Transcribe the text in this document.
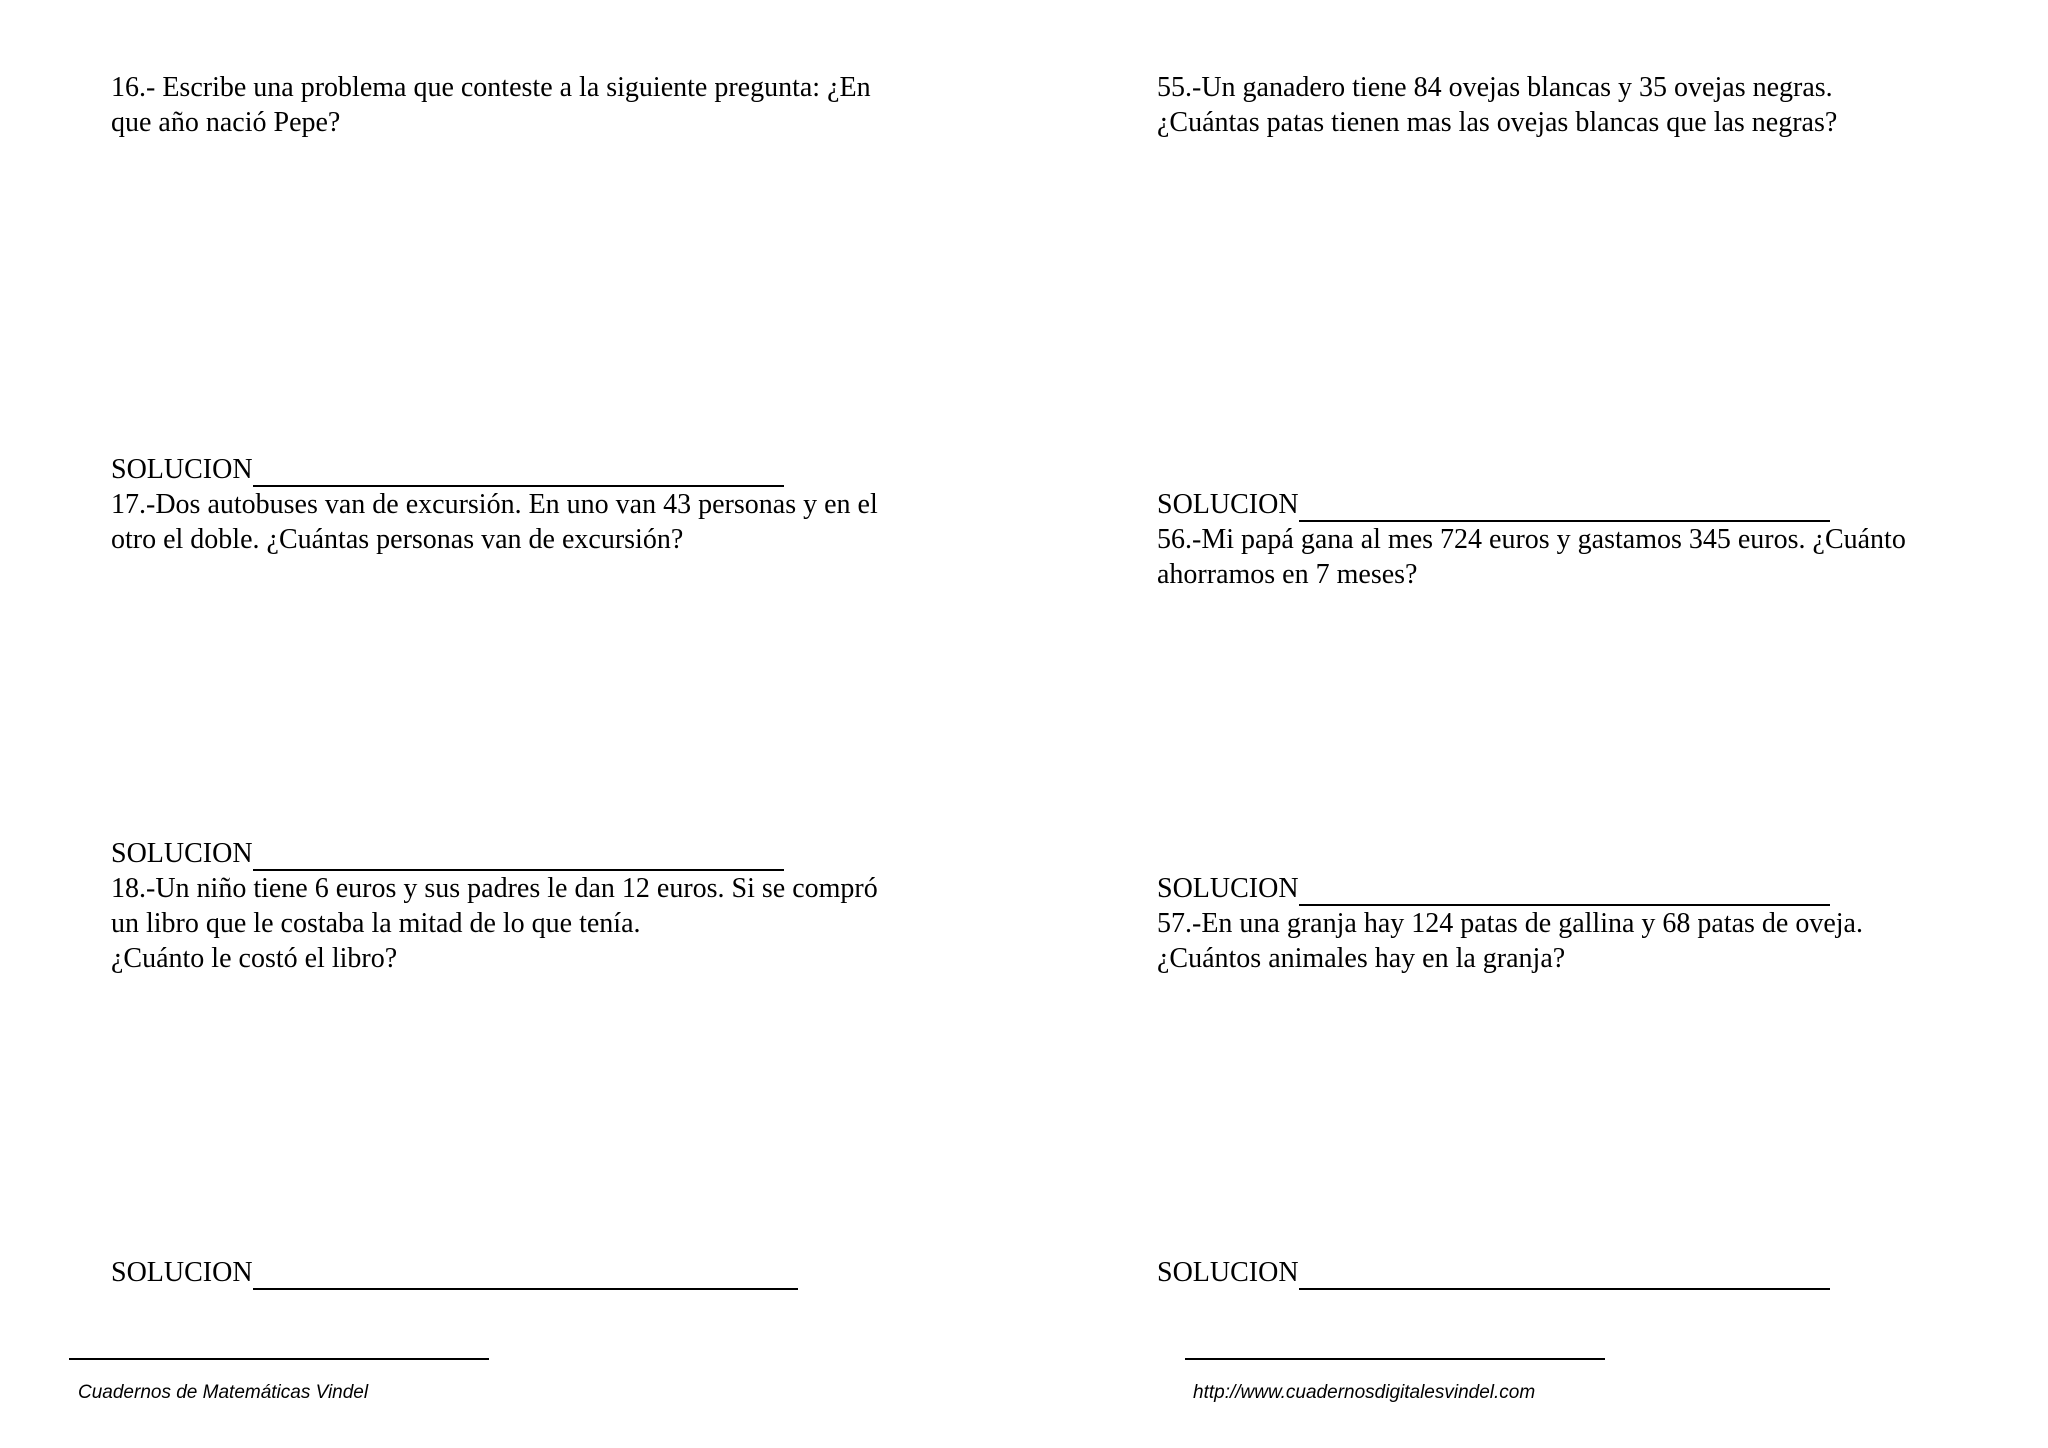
16.- Escribe una problema que conteste a la siguiente pregunta: ¿En
que año nació Pepe?
SOLUCION
17.-Dos autobuses van de excursión. En uno van 43 personas y en el
otro el doble. ¿Cuántas personas van de excursión?
SOLUCION
18.-Un niño tiene 6 euros y sus padres le dan 12 euros. Si se compró
un libro que le costaba la mitad de lo que tenía.
¿Cuánto le costó el libro?
SOLUCION
55.-Un ganadero tiene 84 ovejas blancas y 35 ovejas negras.
¿Cuántas patas tienen mas las ovejas blancas que las negras?
SOLUCION
56.-Mi papá gana al mes 724 euros y gastamos 345 euros. ¿Cuánto
ahorramos en 7 meses?
SOLUCION
57.-En una granja hay 124 patas de gallina y 68 patas de oveja.
¿Cuántos animales hay en la granja?
SOLUCION
Cuadernos de Matemáticas Vindel	http://www.cuadernosdigitalesvindel.com
